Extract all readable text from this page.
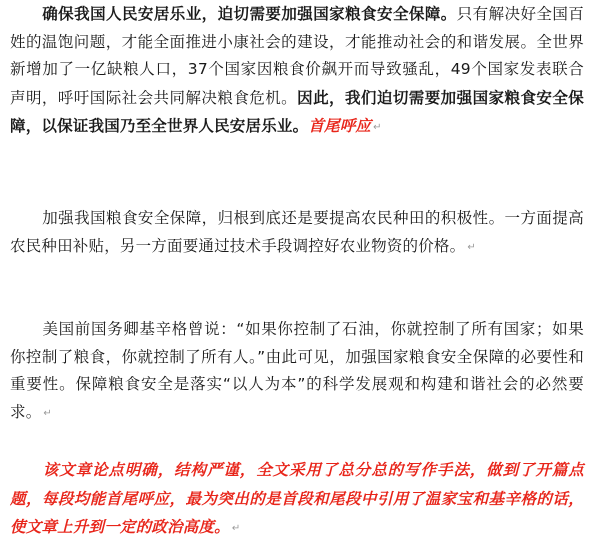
确保我国人民安居乐业，迫切需要加强国家粮食安全保障。只有解决好全国百姓的温饱问题，才能全面推进小康社会的建设，才能推动社会的和谐发展。全世界新增加了一亿缺粮人口，37个国家因粮食价飙开而导致骚乱，49个国家发表联合声明，呼吁国际社会共同解决粮食危机。因此，我们迫切需要加强国家粮食安全保障，以保证我国乃至全世界人民安居乐业。首尾呼应 ↵
加强我国粮食安全保障，归根到底还是要提高农民种田的积极性。一方面提高农民种田补贴，另一方面要通过技术手段调控好农业物资的价格。 ↵
美国前国务卿基辛格曾说：“如果你控制了石油，你就控制了所有国家；如果你控制了粮食，你就控制了所有人。”由此可见，加强国家粮食安全保障的必要性和重要性。保障粮食安全是落实“以人为本”的科学发展观和构建和谐社会的必然要求。 ↵
该文章论点明确，结构严谨，全文采用了总分总的写作手法，做到了开篇点题，每段均能首尾呼应，最为突出的是首段和尾段中引用了温家宝和基辛格的话，使文章上升到一定的政治高度。 ↵
